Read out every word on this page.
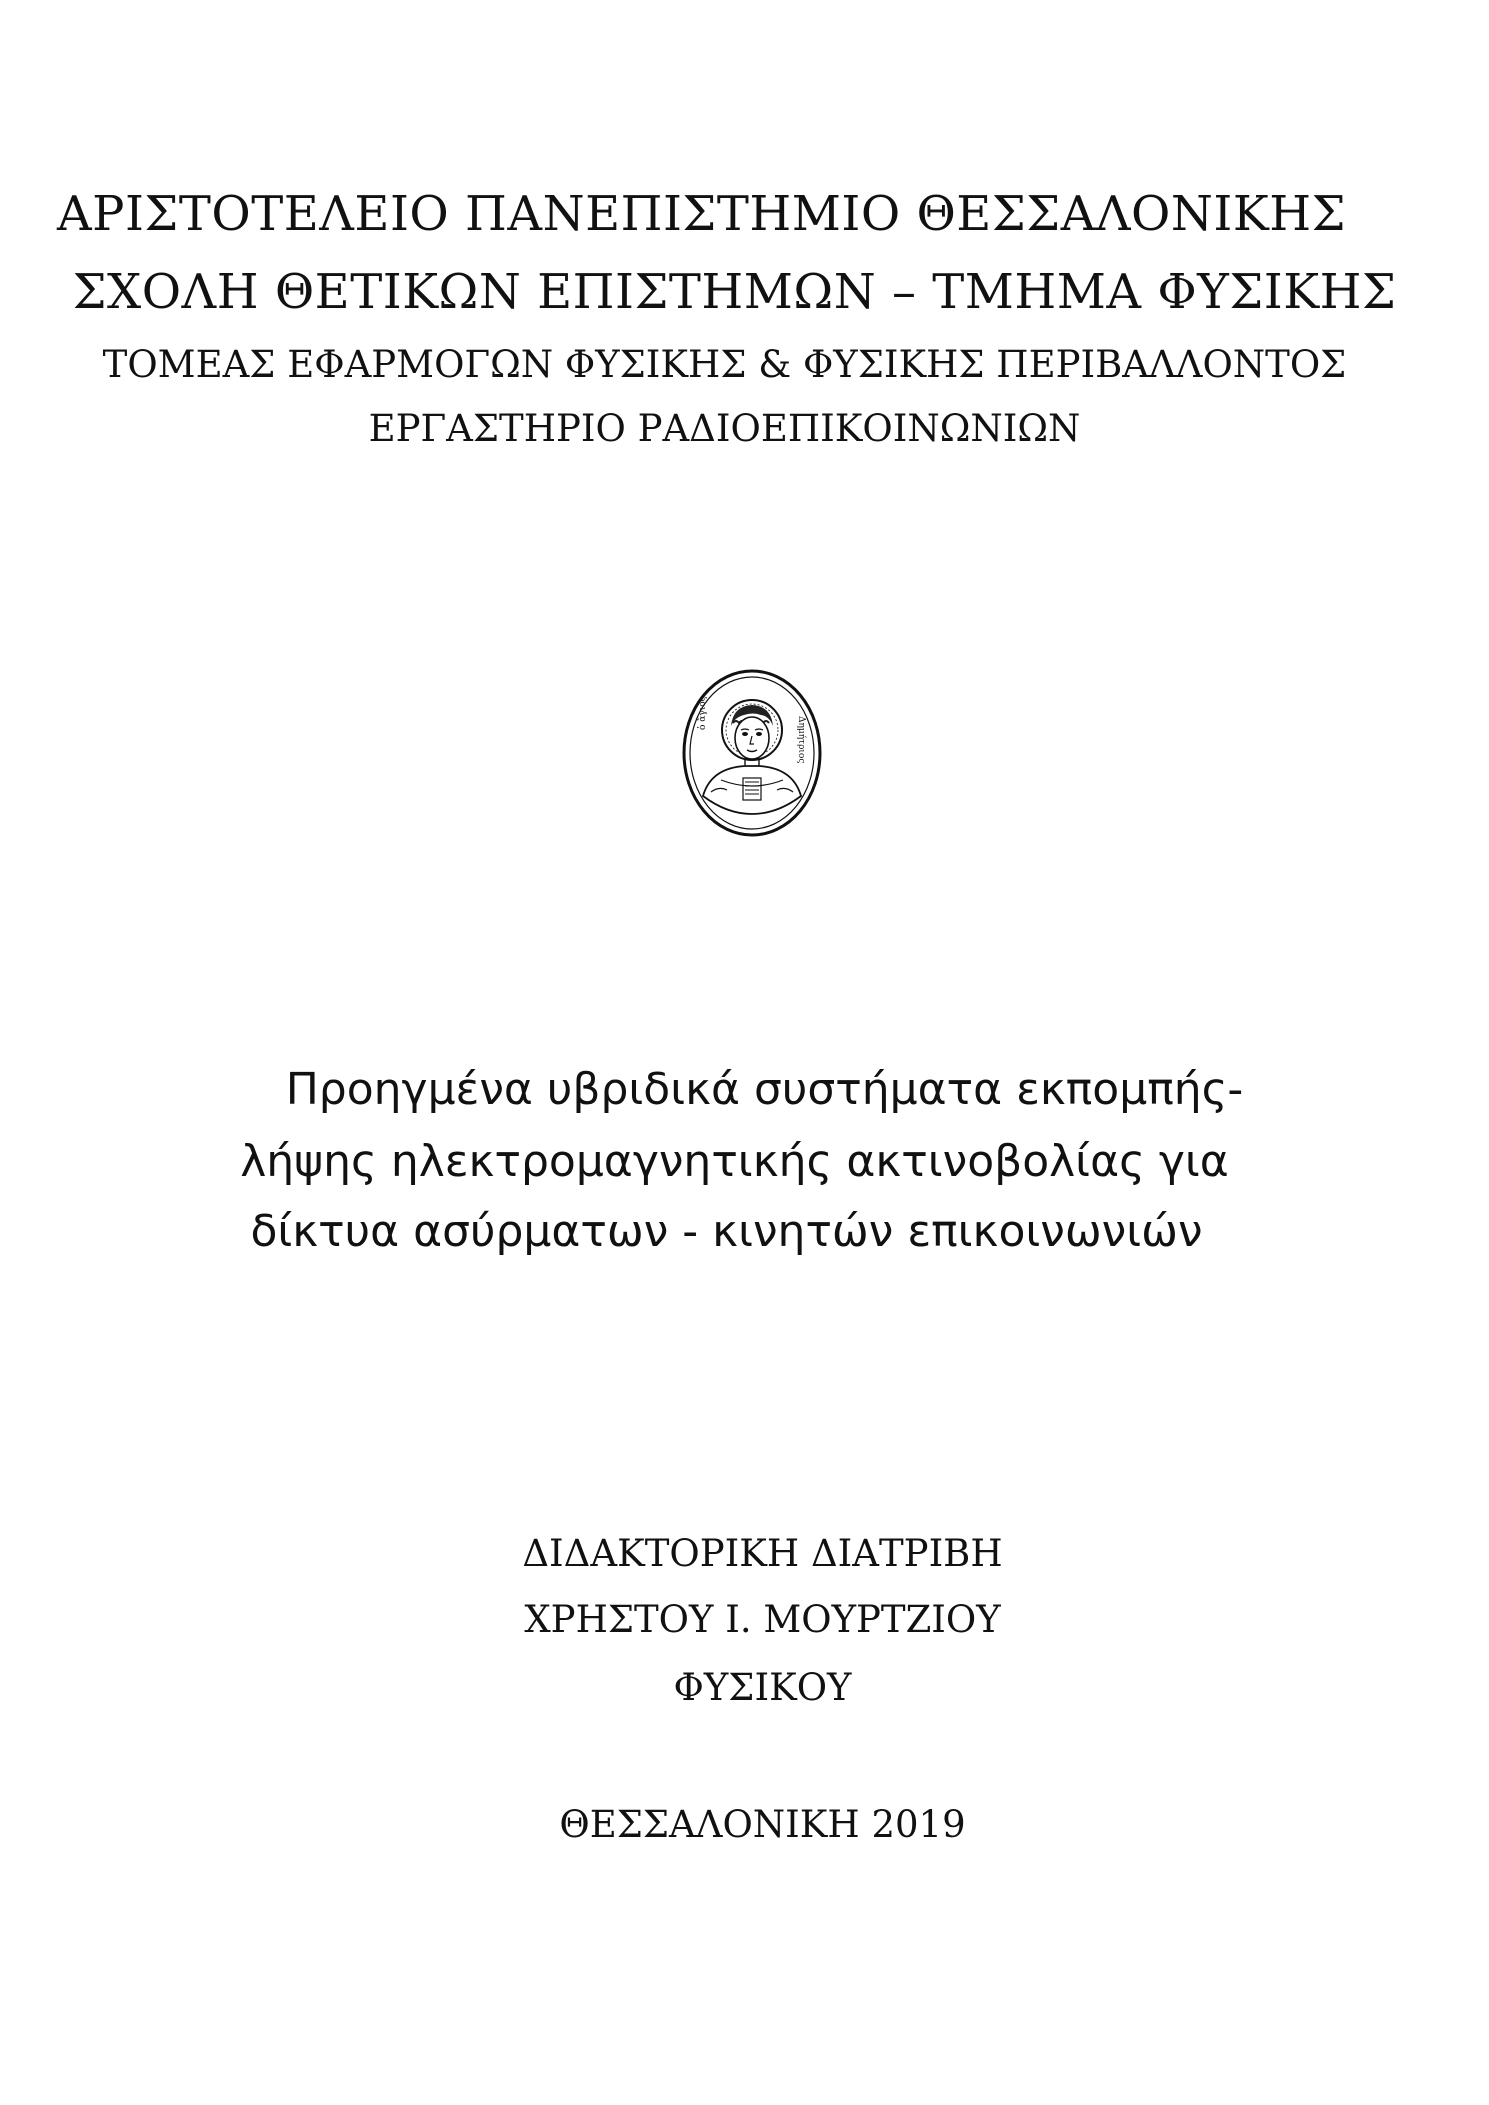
ΑΡΙΣΤΟΤΕΛΕΙΟ ΠΑΝΕΠΙΣΤΗΜΙΟ ΘΕΣΣΑΛΟΝΙΚΗΣ
ΣΧΟΛΗ ΘΕΤΙΚΩΝ ΕΠΙΣΤΗΜΩΝ – ΤΜΗΜΑ ΦΥΣΙΚΗΣ
ΤΟΜΕΑΣ ΕΦΑΡΜΟΓΩΝ ΦΥΣΙΚΗΣ & ΦΥΣΙΚΗΣ ΠΕΡΙΒΑΛΛΟΝΤΟΣ
ΕΡΓΑΣΤΗΡΙΟ ΡΑΔΙΟΕΠΙΚΟΙΝΩΝΙΩΝ
ὁ ἅγιος
Δημήτριος
Προηγμένα υβριδικά συστήματα εκπομπής-
λήψης ηλεκτρομαγνητικής ακτινοβολίας για
δίκτυα ασύρματων - κινητών επικοινωνιών
ΔΙΔΑΚΤΟΡΙΚΗ ΔΙΑΤΡΙΒΗ
ΧΡΗΣΤΟΥ Ι. ΜΟΥΡΤΖΙΟΥ
ΦΥΣΙΚΟΥ
ΘΕΣΣΑΛΟΝΙΚΗ 2019
